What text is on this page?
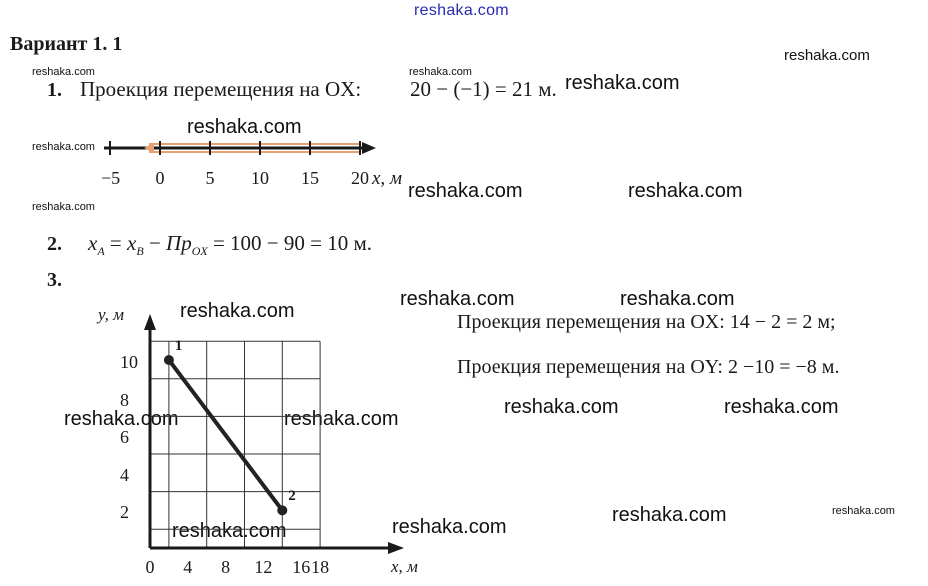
reshaka.com
reshaka.com
reshaka.com	reshaka.com	reshaka.com
reshaka.com
reshaka.com
reshaka.com	reshaka.com
reshaka.com
reshaka.com	reshaka.com
reshaka.com
reshaka.com	reshaka.com
reshaka.com	reshaka.com
reshaka.com
reshaka.com
reshaka.com
reshaka.com
Вариант 1. 1
1. Проекция перемещения на OX: 20 − (−1) = 21 м.
−5 0 5 10 15 20 x, м
2. $x_A = x_B - Пр_{OX} = 100 - 90 = 10$ м.
3.
Проекция перемещения на OX: 14 − 2 = 2 м;
Проекция перемещения на OY: 2 −10 = −8 м.
0 4 8 12 16 18
2
4
6
8
10
1
2
y, м
x, м
